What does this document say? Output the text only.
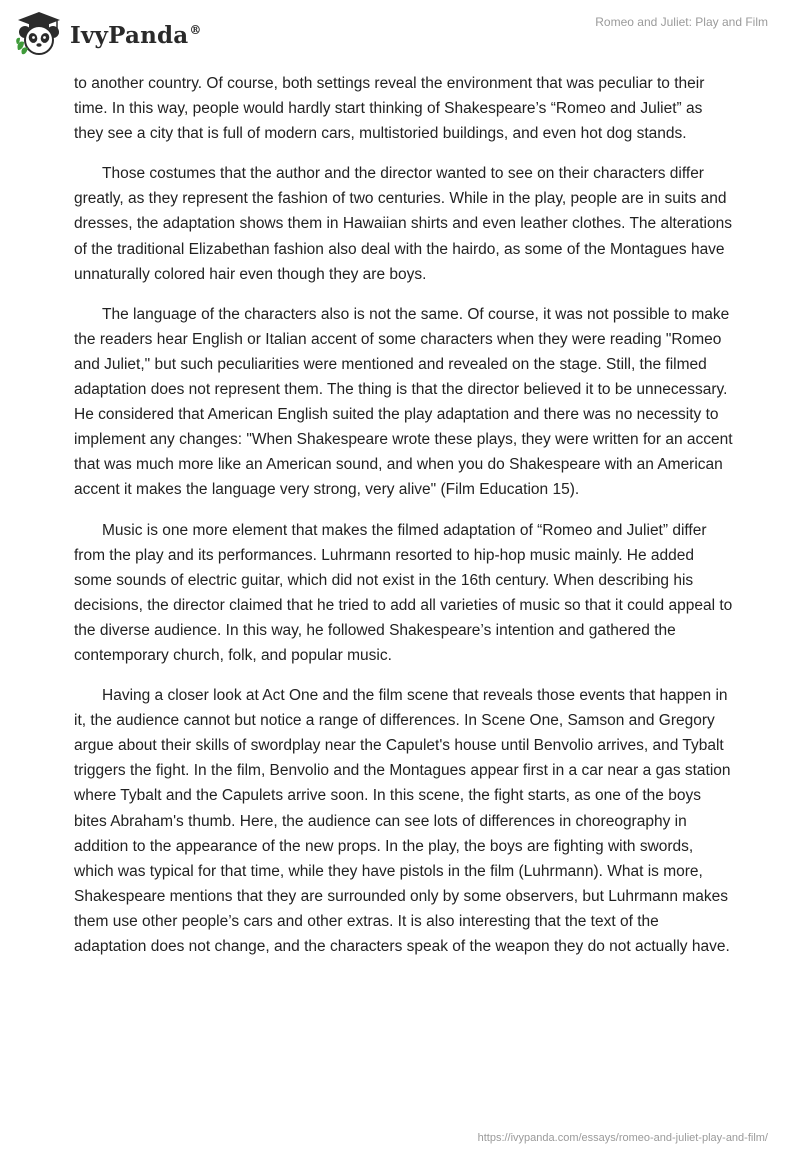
IvyPanda®
Romeo and Juliet: Play and Film

to another country. Of course, both settings reveal the environment that was peculiar to their time. In this way, people would hardly start thinking of Shakespeare’s “Romeo and Juliet” as they see a city that is full of modern cars, multistoried buildings, and even hot dog stands.

Those costumes that the author and the director wanted to see on their characters differ greatly, as they represent the fashion of two centuries. While in the play, people are in suits and dresses, the adaptation shows them in Hawaiian shirts and even leather clothes. The alterations of the traditional Elizabethan fashion also deal with the hairdo, as some of the Montagues have unnaturally colored hair even though they are boys.

The language of the characters also is not the same. Of course, it was not possible to make the readers hear English or Italian accent of some characters when they were reading "Romeo and Juliet," but such peculiarities were mentioned and revealed on the stage. Still, the filmed adaptation does not represent them. The thing is that the director believed it to be unnecessary. He considered that American English suited the play adaptation and there was no necessity to implement any changes: "When Shakespeare wrote these plays, they were written for an accent that was much more like an American sound, and when you do Shakespeare with an American accent it makes the language very strong, very alive" (Film Education 15).

Music is one more element that makes the filmed adaptation of “Romeo and Juliet” differ from the play and its performances. Luhrmann resorted to hip-hop music mainly. He added some sounds of electric guitar, which did not exist in the 16th century. When describing his decisions, the director claimed that he tried to add all varieties of music so that it could appeal to the diverse audience. In this way, he followed Shakespeare’s intention and gathered the contemporary church, folk, and popular music.

Having a closer look at Act One and the film scene that reveals those events that happen in it, the audience cannot but notice a range of differences. In Scene One, Samson and Gregory argue about their skills of swordplay near the Capulet's house until Benvolio arrives, and Tybalt triggers the fight. In the film, Benvolio and the Montagues appear first in a car near a gas station where Tybalt and the Capulets arrive soon. In this scene, the fight starts, as one of the boys bites Abraham's thumb. Here, the audience can see lots of differences in choreography in addition to the appearance of the new props. In the play, the boys are fighting with swords, which was typical for that time, while they have pistols in the film (Luhrmann). What is more, Shakespeare mentions that they are surrounded only by some observers, but Luhrmann makes them use other people’s cars and other extras. It is also interesting that the text of the adaptation does not change, and the characters speak of the weapon they do not actually have.

https://ivypanda.com/essays/romeo-and-juliet-play-and-film/
